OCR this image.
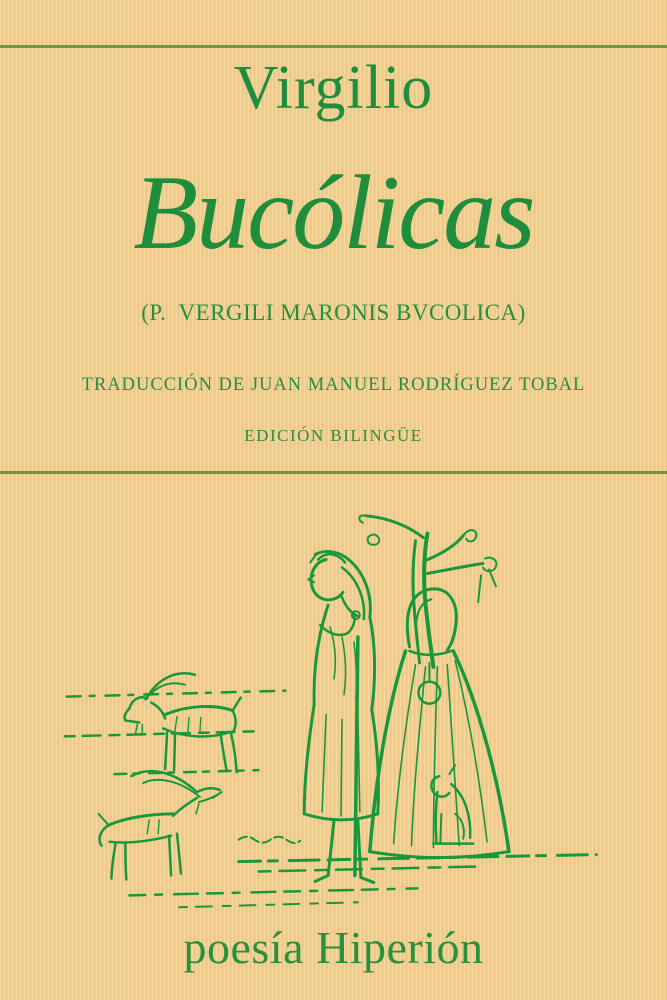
Virgilio
Bucólicas
(P.  VERGILI MARONIS BVCOLICA)
TRADUCCIÓN DE JUAN MANUEL RODRÍGUEZ TOBAL
EDICIÓN BILINGÜE
poesía Hiperión
